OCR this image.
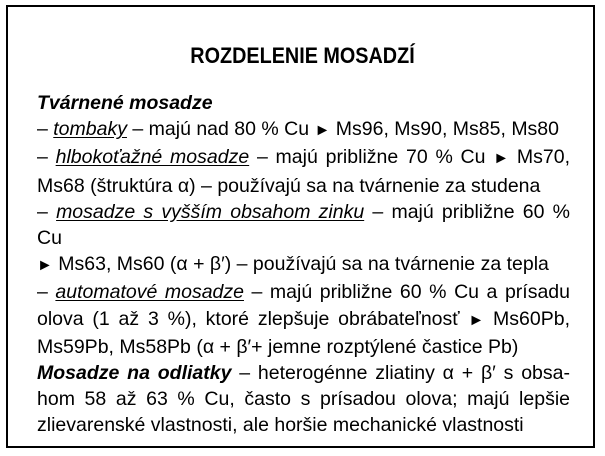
ROZDELENIE MOSADZÍ
Tvárnené mosadze
– tombaky – majú nad 80 % Cu ► Ms96, Ms90, Ms85, Ms80
– hlbokoťažné mosadze – majú približne 70 % Cu ► Ms70,
Ms68 (štruktúra α) – používajú sa na tvárnenie za studena
– mosadze s vyšším obsahom zinku – majú približne 60 % Cu
► Ms63, Ms60 (α + β′) – používajú sa na tvárnenie za tepla
– automatové mosadze – majú približne 60 % Cu a prísadu
olova (1 až 3 %), ktoré zlepšuje obrábateľnosť ► Ms60Pb,
Ms59Pb, Ms58Pb (α + β′+ jemne rozptýlené častice Pb)
Mosadze na odliatky – heterogénne zliatiny α + β′ s obsa-
hom 58 až 63 % Cu, často s prísadou olova; majú lepšie
zlievarenské vlastnosti, ale horšie mechanické vlastnosti
